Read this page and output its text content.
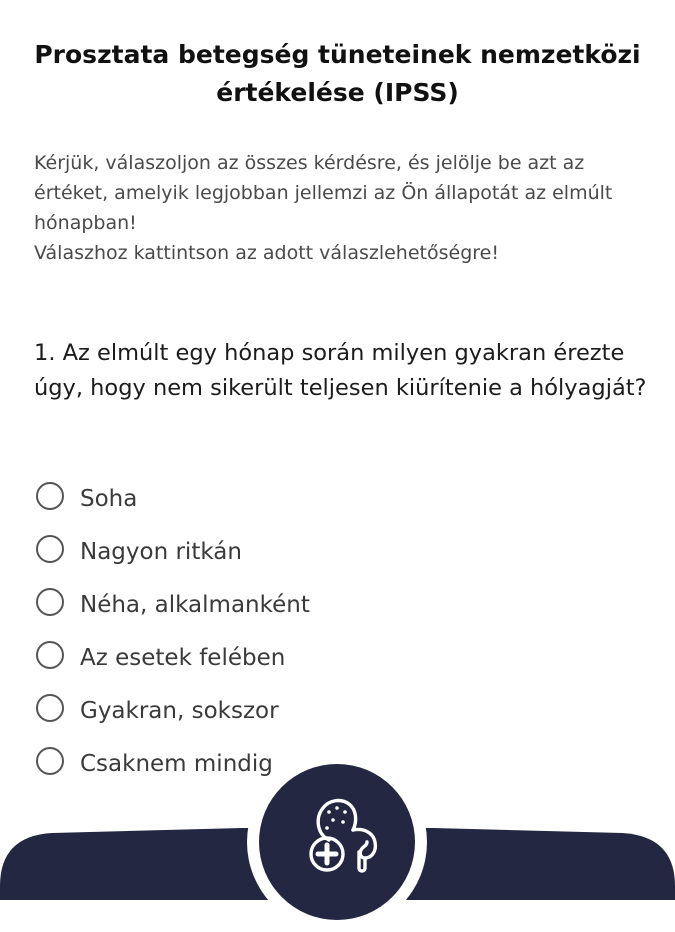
Prosztata betegség tüneteinek nemzetközi értékelése (IPSS)

Kérjük, válaszoljon az összes kérdésre, és jelölje be azt az értéket, amelyik legjobban jellemzi az Ön állapotát az elmúlt hónapban!

Válaszhoz kattintson az adott válaszlehetőségre!

1. Az elmúlt egy hónap során milyen gyakran érezte úgy, hogy nem sikerült teljesen kiürítenie a hólyagját?
Soha
Nagyon ritkán
Néha, alkalmanként
Az esetek felében
Gyakran, sokszor
Csaknem mindig
